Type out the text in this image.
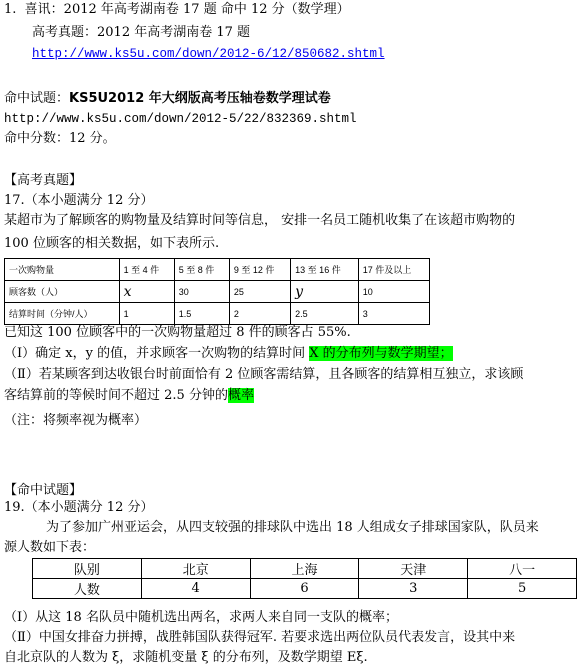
1. 喜讯：2012 年高考湖南卷 17 题 命中 12 分（数学理）
高考真题：2012 年高考湖南卷 17 题
http://www.ks5u.com/down/2012-6/12/850682.shtml
命中试题：KS5U2012 年大纲版高考压轴卷数学理试卷
http://www.ks5u.com/down/2012-5/22/832369.shtml
命中分数：12 分。
【高考真题】
17.（本小题满分 12 分）
某超市为了解顾客的购物量及结算时间等信息， 安排一名员工随机收集了在该超市购物的
100 位顾客的相关数据，如下表所示.
一次购物量	1 至 4 件	5 至 8 件	9 至 12 件	13 至 16 件	17 件及以上
顾客数（人）	x	30	25	y	10
结算时间（分钟/人）	1	1.5	2	2.5	3
已知这 100 位顾客中的一次购物量超过 8 件的顾客占 55%.
（Ⅰ）确定 x，y 的值，并求顾客一次购物的结算时间 X 的分布列与数学期望；
（Ⅱ）若某顾客到达收银台时前面恰有 2 位顾客需结算，且各顾客的结算相互独立，求该顾
客结算前的等候时间不超过 2.5 分钟的概率
（注：将频率视为概率）
【命中试题】
19.（本小题满分 12 分）
为了参加广州亚运会，从四支较强的排球队中选出 18 人组成女子排球国家队，队员来
源人数如下表：
队别	北京	上海	天津	八一
人数	4	6	3	5
（Ⅰ）从这 18 名队员中随机选出两名，求两人来自同一支队的概率；
（Ⅱ）中国女排奋力拼搏，战胜韩国队获得冠军. 若要求选出两位队员代表发言，设其中来
自北京队的人数为 ξ，求随机变量 ξ 的分布列，及数学期望 Eξ.
